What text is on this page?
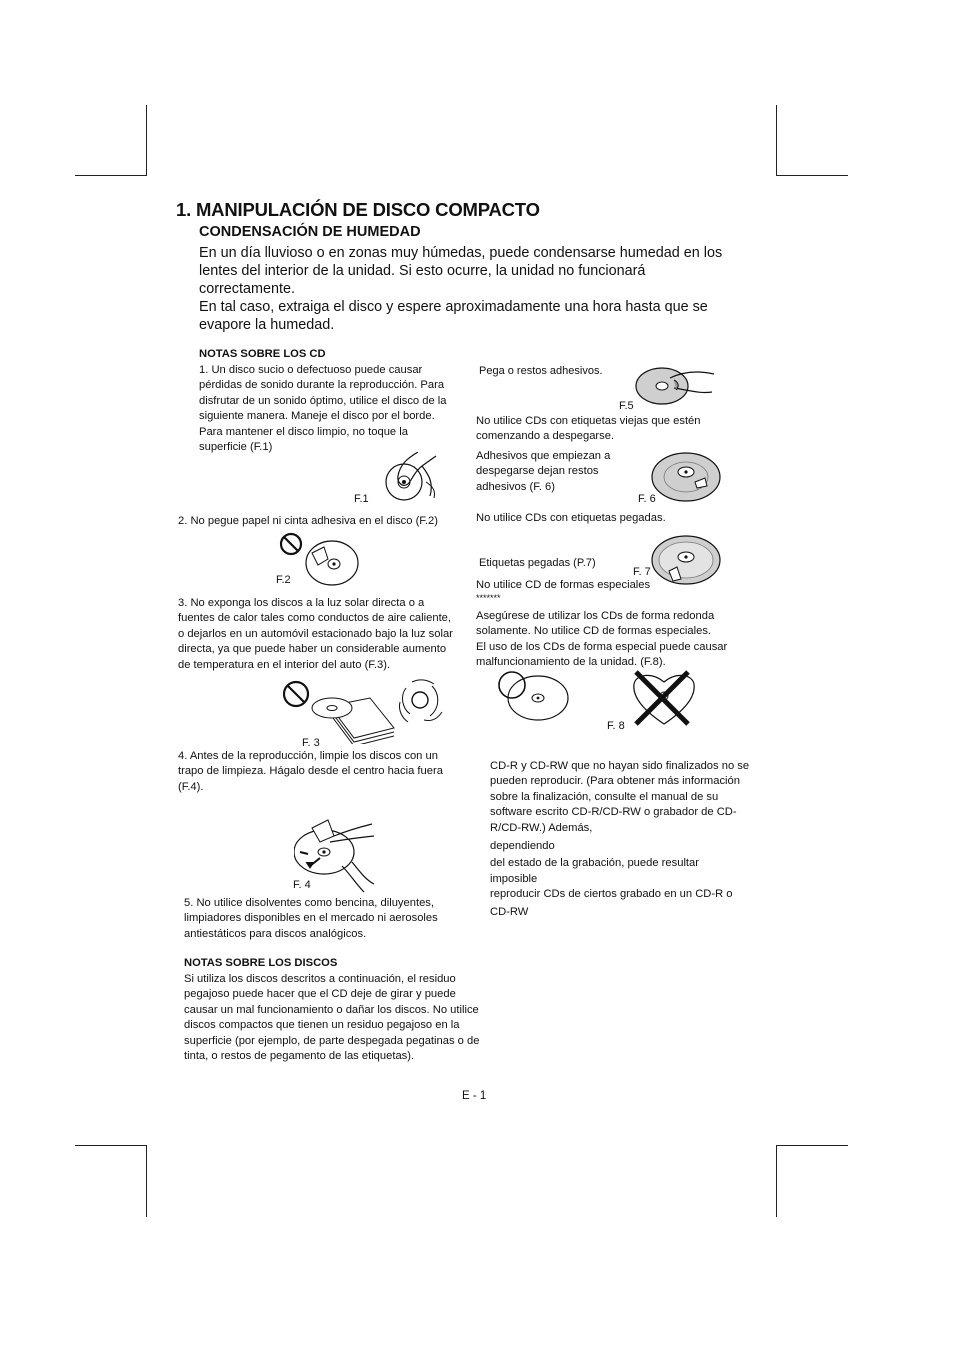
1. MANIPULACIÓN DE DISCO COMPACTO
CONDENSACIÓN DE HUMEDAD

En un día lluvioso o en zonas muy húmedas, puede condensarse humedad en los lentes del interior de la unidad. Si esto ocurre, la unidad no funcionará correctamente.

En tal caso, extraiga el disco y espere aproximadamente una hora hasta que se evapore la humedad.

NOTAS SOBRE LOS CD
1. Un disco sucio o defectuoso puede causar pérdidas de sonido durante la reproducción. Para disfrutar de un sonido óptimo, utilice el disco de la siguiente manera. Maneje el disco por el borde. Para mantener el disco limpio, no toque la superficie (F.1)
F.1
2. No pegue papel ni cinta adhesiva en el disco (F.2)
F.2
3. No exponga los discos a la luz solar directa o a fuentes de calor tales como conductos de aire caliente, o dejarlos en un automóvil estacionado bajo la luz solar directa, ya que puede haber un considerable aumento de temperatura en el interior del auto (F.3).
F. 3
4. Antes de la reproducción, limpie los discos con un trapo de limpieza. Hágalo desde el centro hacia fuera (F.4).
F. 4
5. No utilice disolventes como bencina, diluyentes, limpiadores disponibles en el mercado ni aerosoles antiestáticos para discos analógicos.
NOTAS SOBRE LOS DISCOS
Si utiliza los discos descritos a continuación, el residuo pegajoso puede hacer que el CD deje de girar y puede causar un mal funcionamiento o dañar los discos. No utilice discos compactos que tienen un residuo pegajoso en la superficie (por ejemplo, de parte despegada pegatinas o de tinta, o restos de pegamento de las etiquetas).
Pega o restos adhesivos.
F.5
No utilice CDs con etiquetas viejas que estén comenzando a despegarse.
Adhesivos que empiezan a despegarse dejan restos adhesivos (F. 6)
F. 6
No utilice CDs con etiquetas pegadas.
Etiquetas pegadas (P.7)
F. 7
No utilice CD de formas especiales
*******
Asegúrese de utilizar los CDs de forma redonda solamente. No utilice CD de formas especiales.
El uso de los CDs de forma especial puede causar malfuncionamiento de la unidad. (F.8).
F. 8
CD-R y CD-RW que no hayan sido finalizados no se pueden reproducir. (Para obtener más información sobre la finalización, consulte el manual de su software escrito CD-R/CD-RW o grabador de CD-R/CD-RW.) Además,
dependiendo
del estado de la grabación, puede resultar
imposible
reproducir CDs de ciertos grabado en un CD-R o
CD-RW
E - 1
